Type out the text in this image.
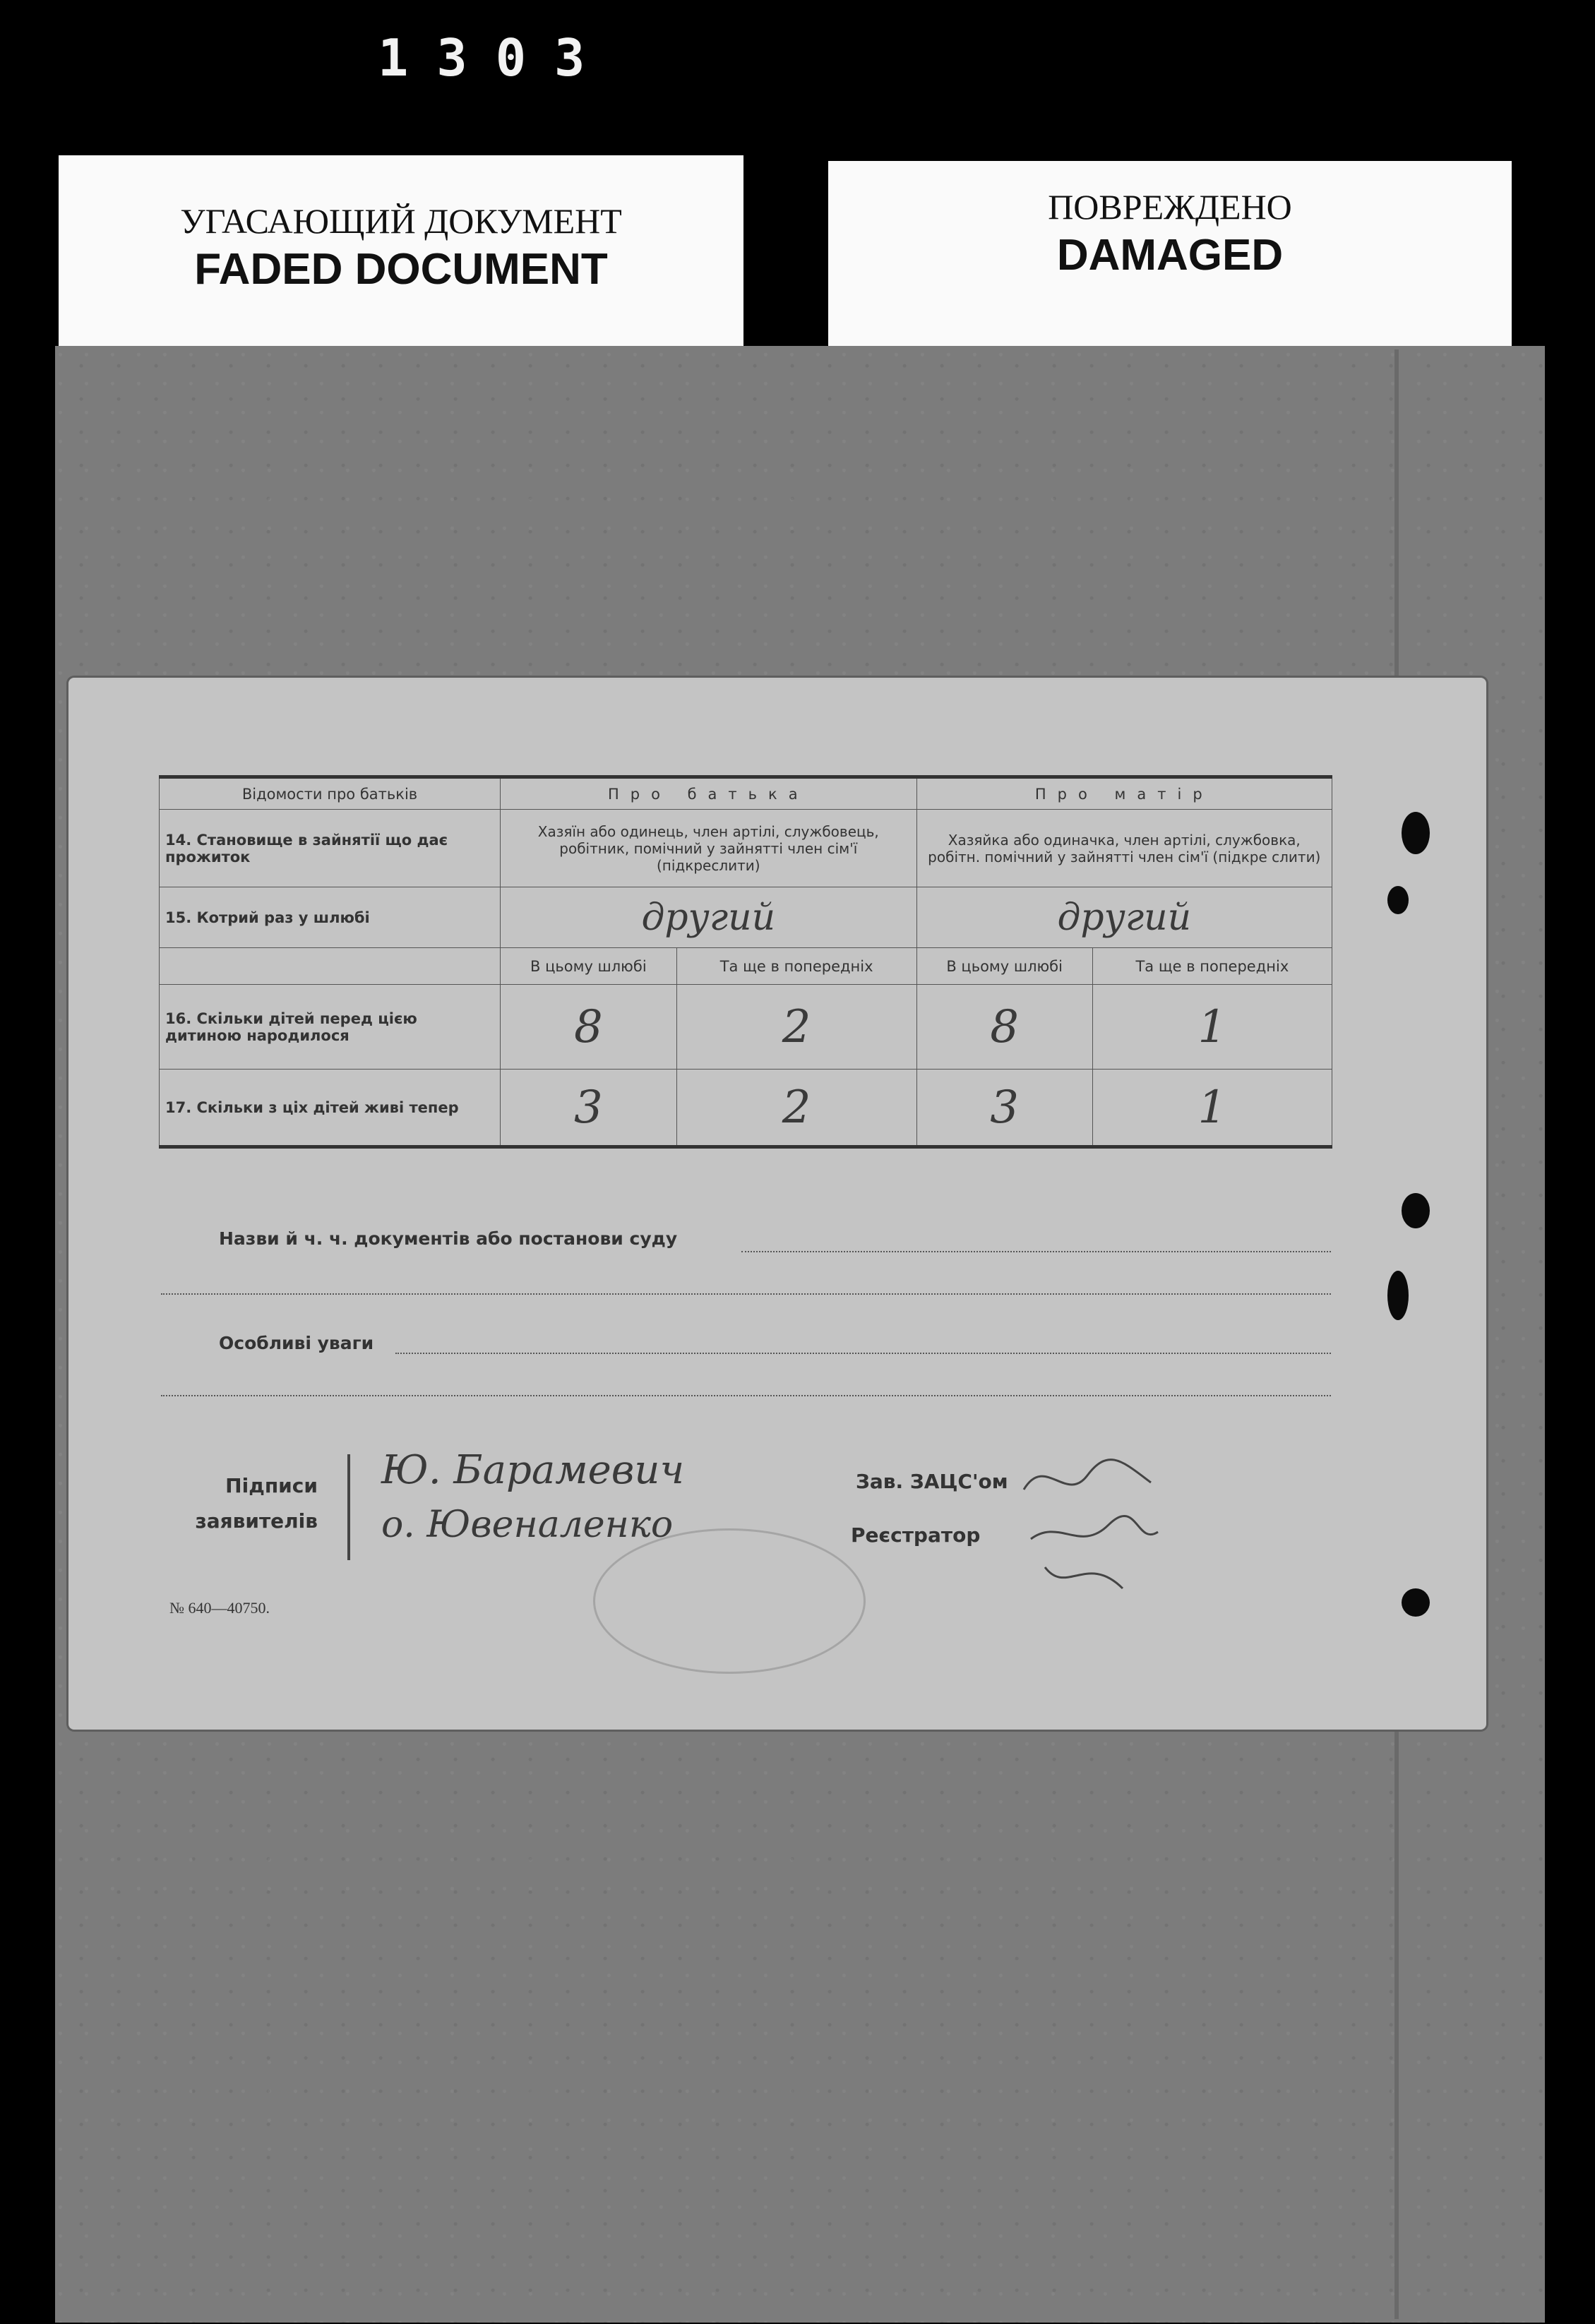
1303
УГАСАЮЩИЙ ДОКУМЕНТ
FADED DOCUMENT
ПОВРЕЖДЕНО
DAMAGED
Відомости про батьків	Про батька		Про матір	
14. Становище в зайнятії що дає прожиток	Хазяїн або одинець, член артілі, службовець, робітник, помічний у зайнятті член сім'ї (підкреслити)		Хазяйка або одиначка, член артілі, службовка, робітн. помічний у зайнятті член сім'ї (підкре слити)	
15. Котрий раз у шлюбі	другий		другий	
	В цьому шлюбі	Та ще в попередніх	В цьому шлюбі	Та ще в попередніх
16. Скільки дітей перед цією дитиною народилося	8	2	8	1
17. Скільки з ціх дітей живі тепер	3	2	3	1
Назви й ч. ч. документів або постанови суду
Особливі уваги
Підписи
заявителів
Ю. Барамевич
о. Ювеналенко
Зав. ЗАЦС'ом
Реєстратор
№ 640—40750.
